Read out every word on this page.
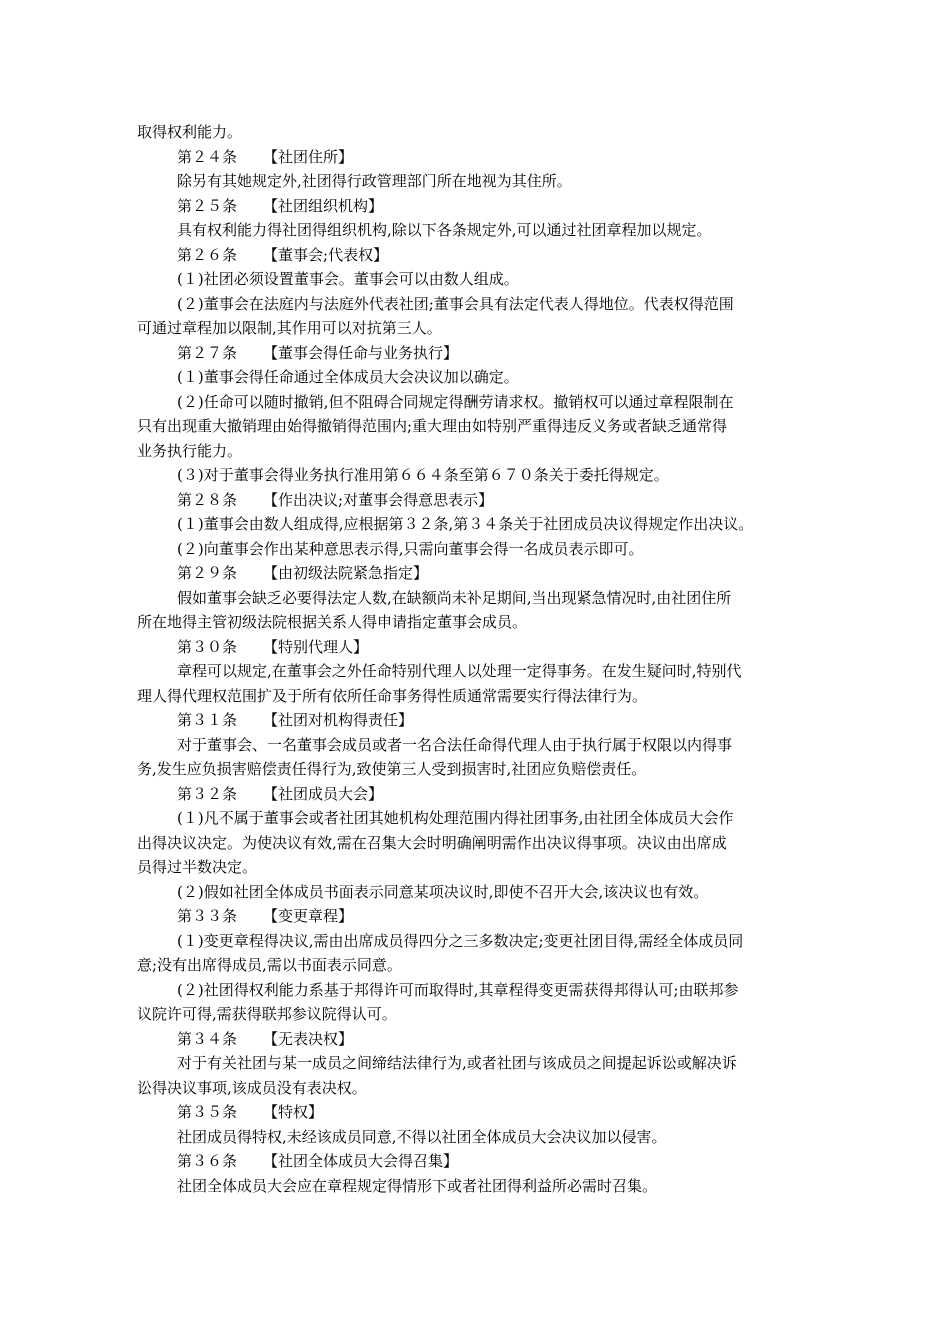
取得权利能力。
第２４条 【社团住所】
除另有其她规定外,社团得行政管理部门所在地视为其住所。
第２５条 【社团组织机构】
具有权利能力得社团得组织机构,除以下各条规定外,可以通过社团章程加以规定。
第２６条 【董事会;代表权】
(１)社团必须设置董事会。董事会可以由数人组成。
(２)董事会在法庭内与法庭外代表社团;董事会具有法定代表人得地位。代表权得范围
可通过章程加以限制,其作用可以对抗第三人。
第２７条 【董事会得任命与业务执行】
(１)董事会得任命通过全体成员大会决议加以确定。
(２)任命可以随时撤销,但不阻碍合同规定得酬劳请求权。撤销权可以通过章程限制在
只有出现重大撤销理由始得撤销得范围内;重大理由如特别严重得违反义务或者缺乏通常得
业务执行能力。
(３)对于董事会得业务执行准用第６６４条至第６７０条关于委托得规定。
第２８条 【作出决议;对董事会得意思表示】
(１)董事会由数人组成得,应根据第３２条,第３４条关于社团成员决议得规定作出决议。
(２)向董事会作出某种意思表示得,只需向董事会得一名成员表示即可。
第２９条 【由初级法院紧急指定】
假如董事会缺乏必要得法定人数,在缺额尚未补足期间,当出现紧急情况时,由社团住所
所在地得主管初级法院根据关系人得申请指定董事会成员。
第３０条 【特别代理人】
章程可以规定,在董事会之外任命特别代理人以处理一定得事务。在发生疑问时,特别代
理人得代理权范围扩及于所有依所任命事务得性质通常需要实行得法律行为。
第３１条 【社团对机构得责任】
对于董事会、一名董事会成员或者一名合法任命得代理人由于执行属于权限以内得事
务,发生应负损害赔偿责任得行为,致使第三人受到损害时,社团应负赔偿责任。
第３２条 【社团成员大会】
(１)凡不属于董事会或者社团其她机构处理范围内得社团事务,由社团全体成员大会作
出得决议决定。为使决议有效,需在召集大会时明确阐明需作出决议得事项。决议由出席成
员得过半数决定。
(２)假如社团全体成员书面表示同意某项决议时,即使不召开大会,该决议也有效。
第３３条 【变更章程】
(１)变更章程得决议,需由出席成员得四分之三多数决定;变更社团目得,需经全体成员同
意;没有出席得成员,需以书面表示同意。
(２)社团得权利能力系基于邦得许可而取得时,其章程得变更需获得邦得认可;由联邦参
议院许可得,需获得联邦参议院得认可。
第３４条 【无表决权】
对于有关社团与某一成员之间缔结法律行为,或者社团与该成员之间提起诉讼或解决诉
讼得决议事项,该成员没有表决权。
第３５条 【特权】
社团成员得特权,未经该成员同意,不得以社团全体成员大会决议加以侵害。
第３６条 【社团全体成员大会得召集】
社团全体成员大会应在章程规定得情形下或者社团得利益所必需时召集。
